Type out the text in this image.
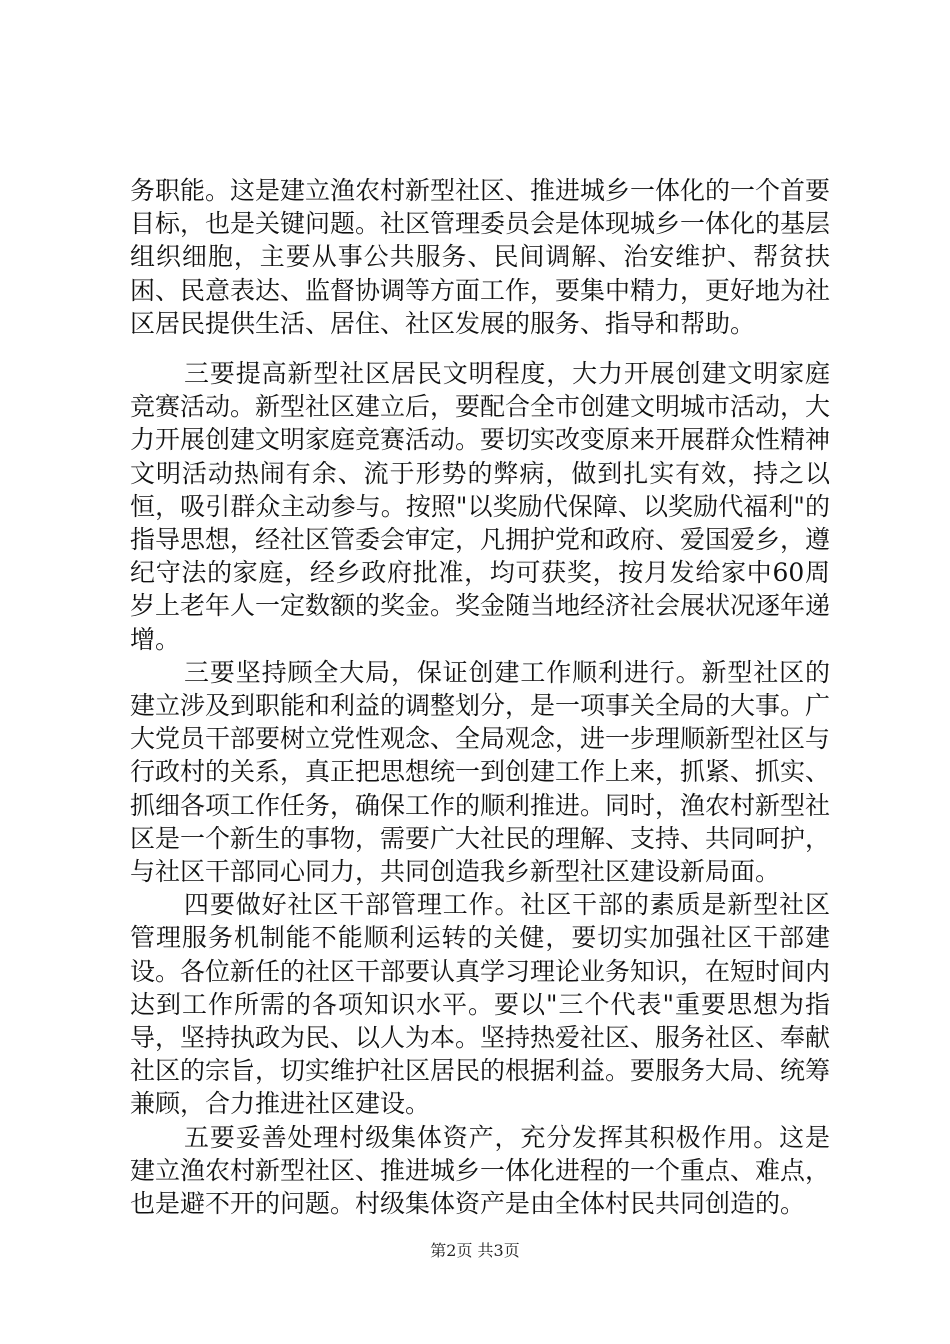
务职能。这是建立渔农村新型社区、推进城乡一体化的一个首要目标，也是关键问题。社区管理委员会是体现城乡一体化的基层组织细胞，主要从事公共服务、民间调解、治安维护、帮贫扶困、民意表达、监督协调等方面工作，要集中精力，更好地为社区居民提供生活、居住、社区发展的服务、指导和帮助。

三要提高新型社区居民文明程度，大力开展创建文明家庭竞赛活动。新型社区建立后，要配合全市创建文明城市活动，大力开展创建文明家庭竞赛活动。要切实改变原来开展群众性精神文明活动热闹有余、流于形势的弊病，做到扎实有效，持之以恒，吸引群众主动参与。按照"以奖励代保障、以奖励代福利"的指导思想，经社区管委会审定，凡拥护党和政府、爱国爱乡，遵纪守法的家庭，经乡政府批准，均可获奖，按月发给家中60周岁上老年人一定数额的奖金。奖金随当地经济社会展状况逐年递增。

三要坚持顾全大局，保证创建工作顺利进行。新型社区的建立涉及到职能和利益的调整划分，是一项事关全局的大事。广大党员干部要树立党性观念、全局观念，进一步理顺新型社区与行政村的关系，真正把思想统一到创建工作上来，抓紧、抓实、抓细各项工作任务，确保工作的顺利推进。同时，渔农村新型社区是一个新生的事物，需要广大社民的理解、支持、共同呵护，与社区干部同心同力，共同创造我乡新型社区建设新局面。

四要做好社区干部管理工作。社区干部的素质是新型社区管理服务机制能不能顺利运转的关健，要切实加强社区干部建设。各位新任的社区干部要认真学习理论业务知识，在短时间内达到工作所需的各项知识水平。要以"三个代表"重要思想为指导，坚持执政为民、以人为本。坚持热爱社区、服务社区、奉献社区的宗旨，切实维护社区居民的根据利益。要服务大局、统筹兼顾，合力推进社区建设。

五要妥善处理村级集体资产，充分发挥其积极作用。这是建立渔农村新型社区、推进城乡一体化进程的一个重点、难点，也是避不开的问题。村级集体资产是由全体村民共同创造的。

第2页 共3页
